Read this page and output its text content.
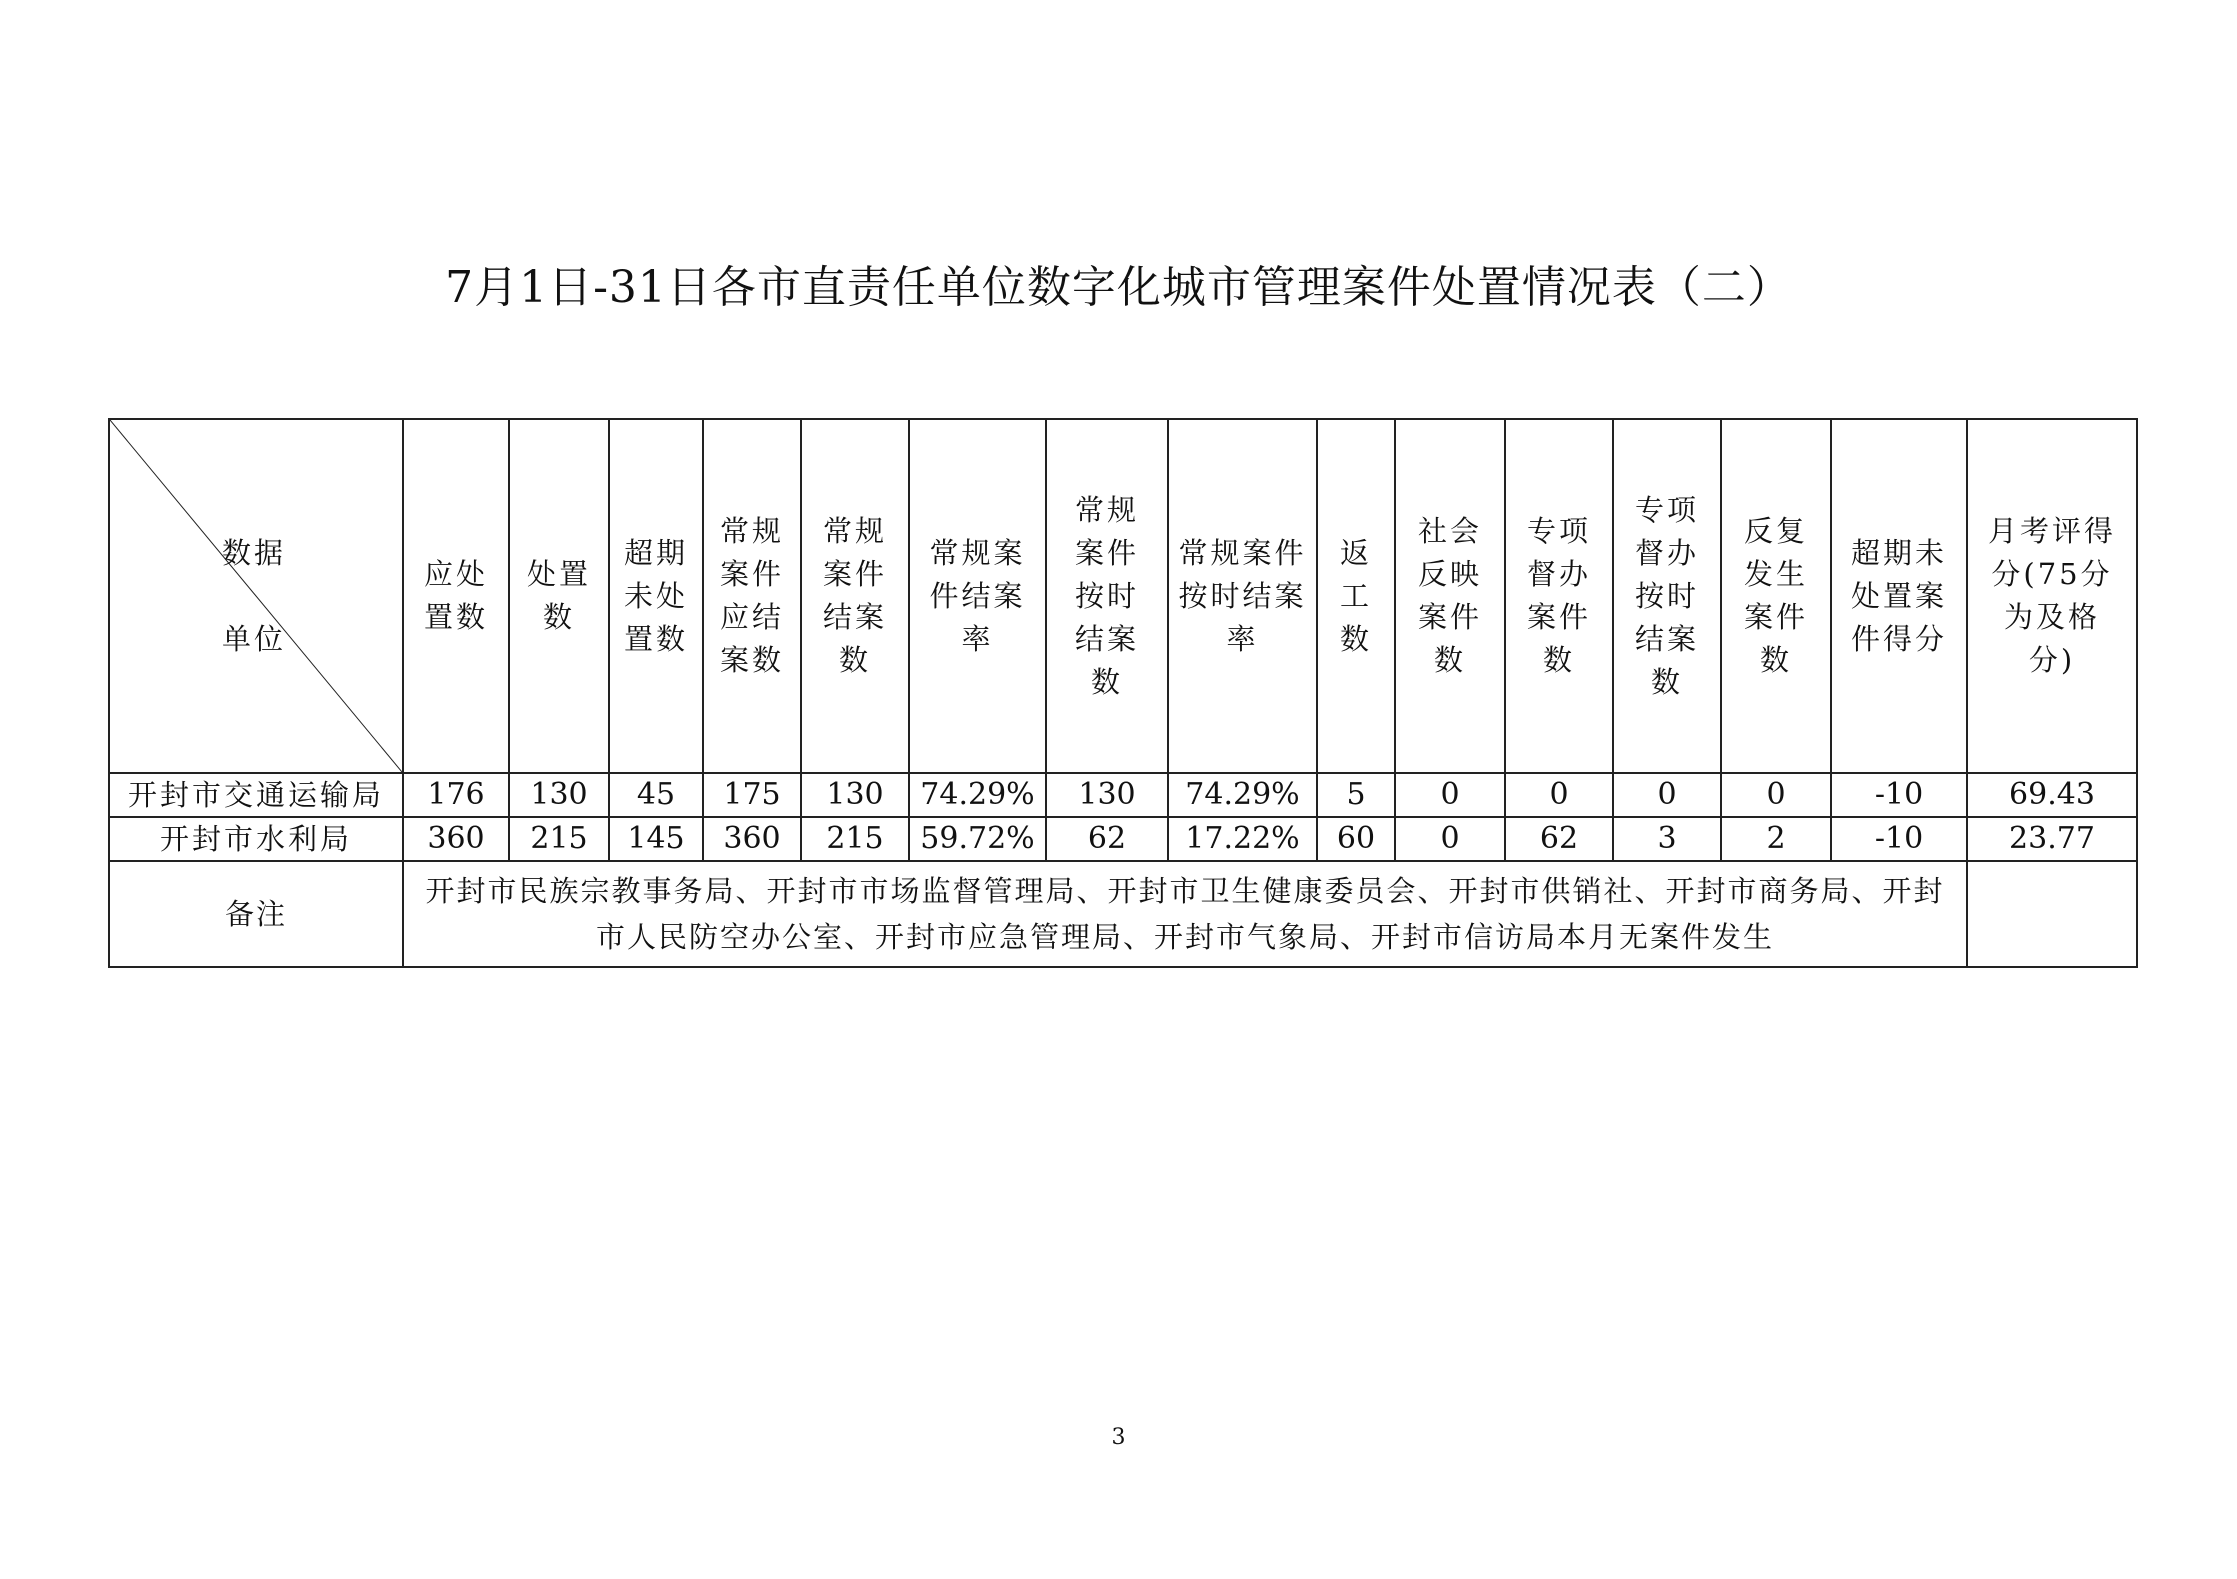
7月1日-31日各市直责任单位数字化城市管理案件处置情况表（二）
数据
单位	应处置数	处置数	超期未处置数	常规案件应结案数	常规案件结案数	常规案件结案率	常规案件按时结案数	常规案件按时结案率	返工数	社会反映案件数	专项督办案件数	专项督办按时结案数	反复发生案件数	超期未处置案件得分	月考评得分(75分为及格分)
开封市交通运输局	176	130	45	175	130	74.29%	130	74.29%	5	0	0	0	0	-10	69.43
开封市水利局	360	215	145	360	215	59.72%	62	17.22%	60	0	62	3	2	-10	23.77
备注	开封市民族宗教事务局、开封市市场监督管理局、开封市卫生健康委员会、开封市供销社、开封市商务局、开封市人民防空办公室、开封市应急管理局、开封市气象局、开封市信访局本月无案件发生														
3
